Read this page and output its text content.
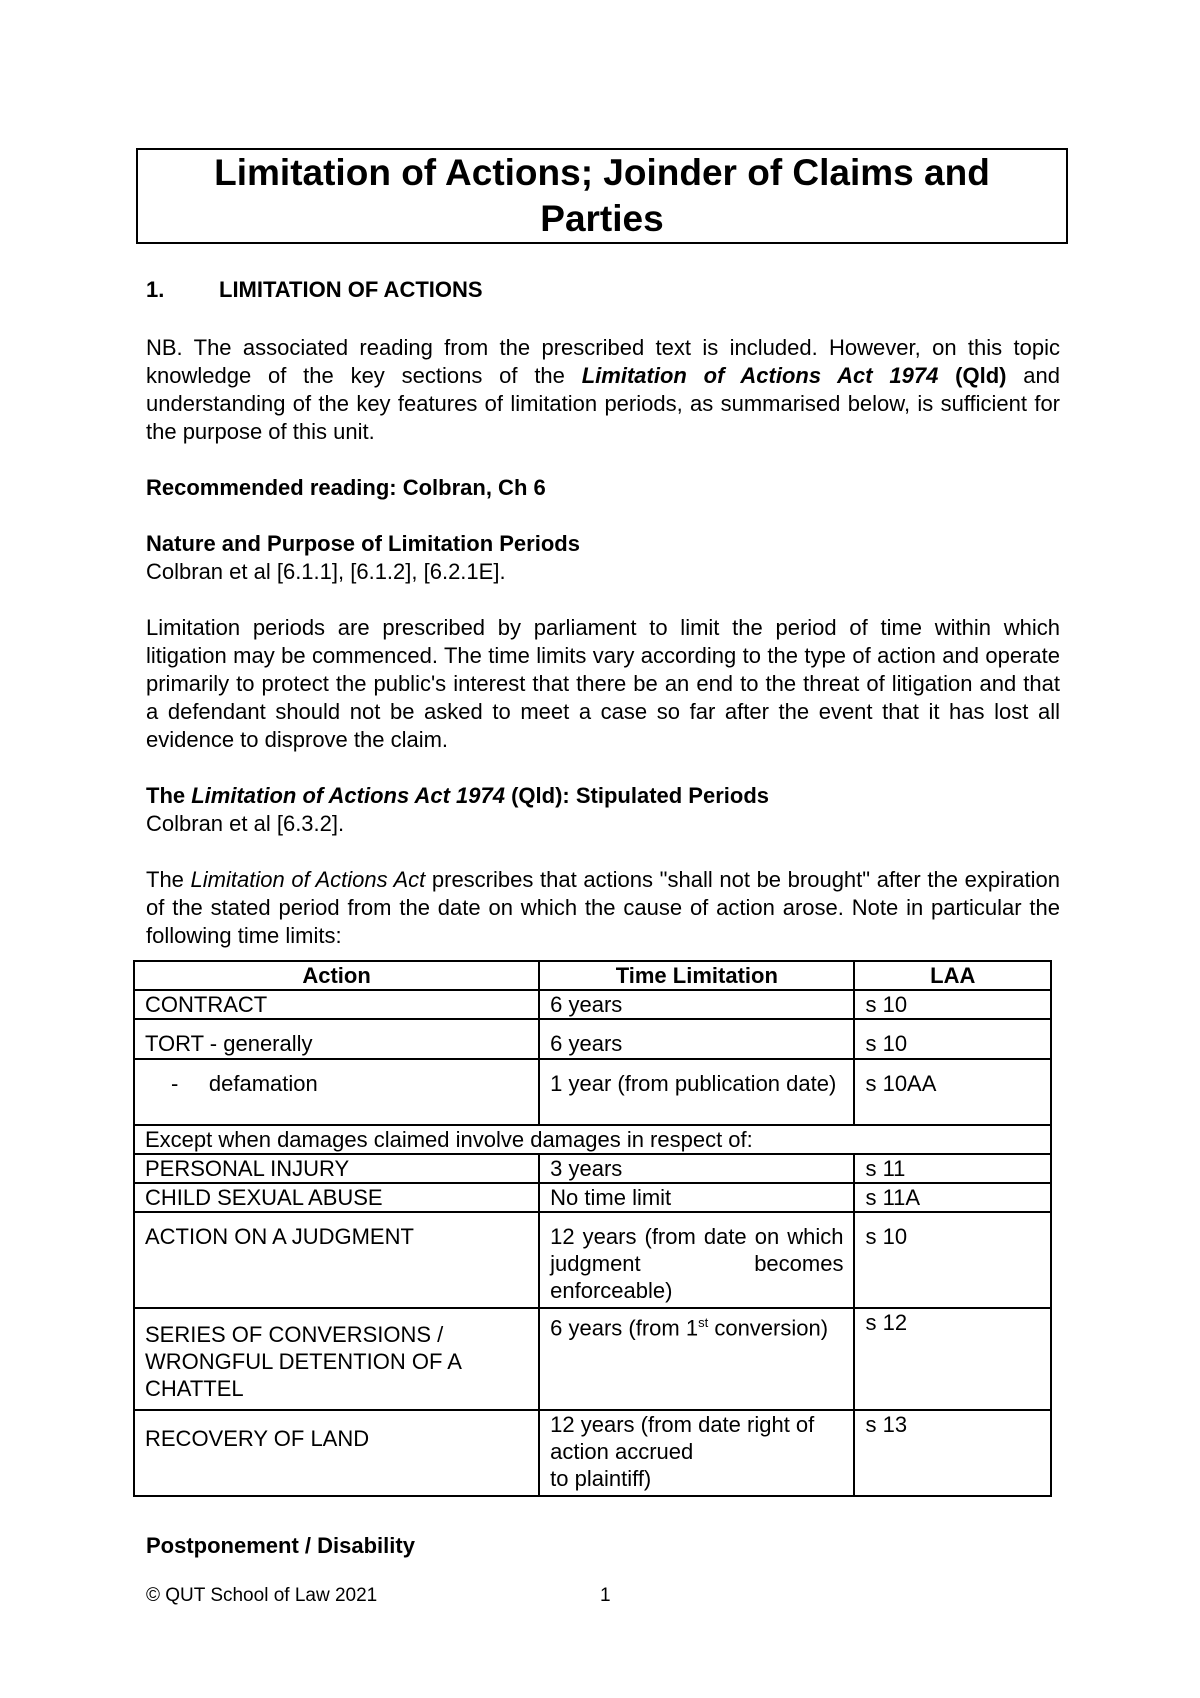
Limitation of Actions; Joinder of Claims and Parties
1. LIMITATION OF ACTIONS
NB. The associated reading from the prescribed text is included. However, on this topic knowledge of the key sections of the Limitation of Actions Act 1974 (Qld) and understanding of the key features of limitation periods, as summarised below, is sufficient for the purpose of this unit.
Recommended reading: Colbran, Ch 6
Nature and Purpose of Limitation Periods
Colbran et al [6.1.1], [6.1.2], [6.2.1E].
Limitation periods are prescribed by parliament to limit the period of time within which litigation may be commenced. The time limits vary according to the type of action and operate primarily to protect the public's interest that there be an end to the threat of litigation and that a defendant should not be asked to meet a case so far after the event that it has lost all evidence to disprove the claim.
The Limitation of Actions Act 1974 (Qld): Stipulated Periods
Colbran et al [6.3.2].
The Limitation of Actions Act prescribes that actions "shall not be brought" after the expiration of the stated period from the date on which the cause of action arose. Note in particular the following time limits:
Action	Time Limitation	LAA
CONTRACT	6 years	s 10
TORT - generally	6 years	s 10
-     defamation	1 year (from publication date)	s 10AA
Except when damages claimed involve damages in respect of:		
PERSONAL INJURY	3 years	s 11
CHILD SEXUAL ABUSE	No time limit	s 11A
ACTION ON A JUDGMENT	12 years (from date on which judgment becomes enforceable)	s 10
SERIES OF CONVERSIONS / WRONGFUL DETENTION OF A CHATTEL	6 years (from 1st conversion)	s 12
RECOVERY OF LAND	12 years (from date right of action accrued
to plaintiff)	s 13
Postponement / Disability
© QUT School of Law 2021	1
